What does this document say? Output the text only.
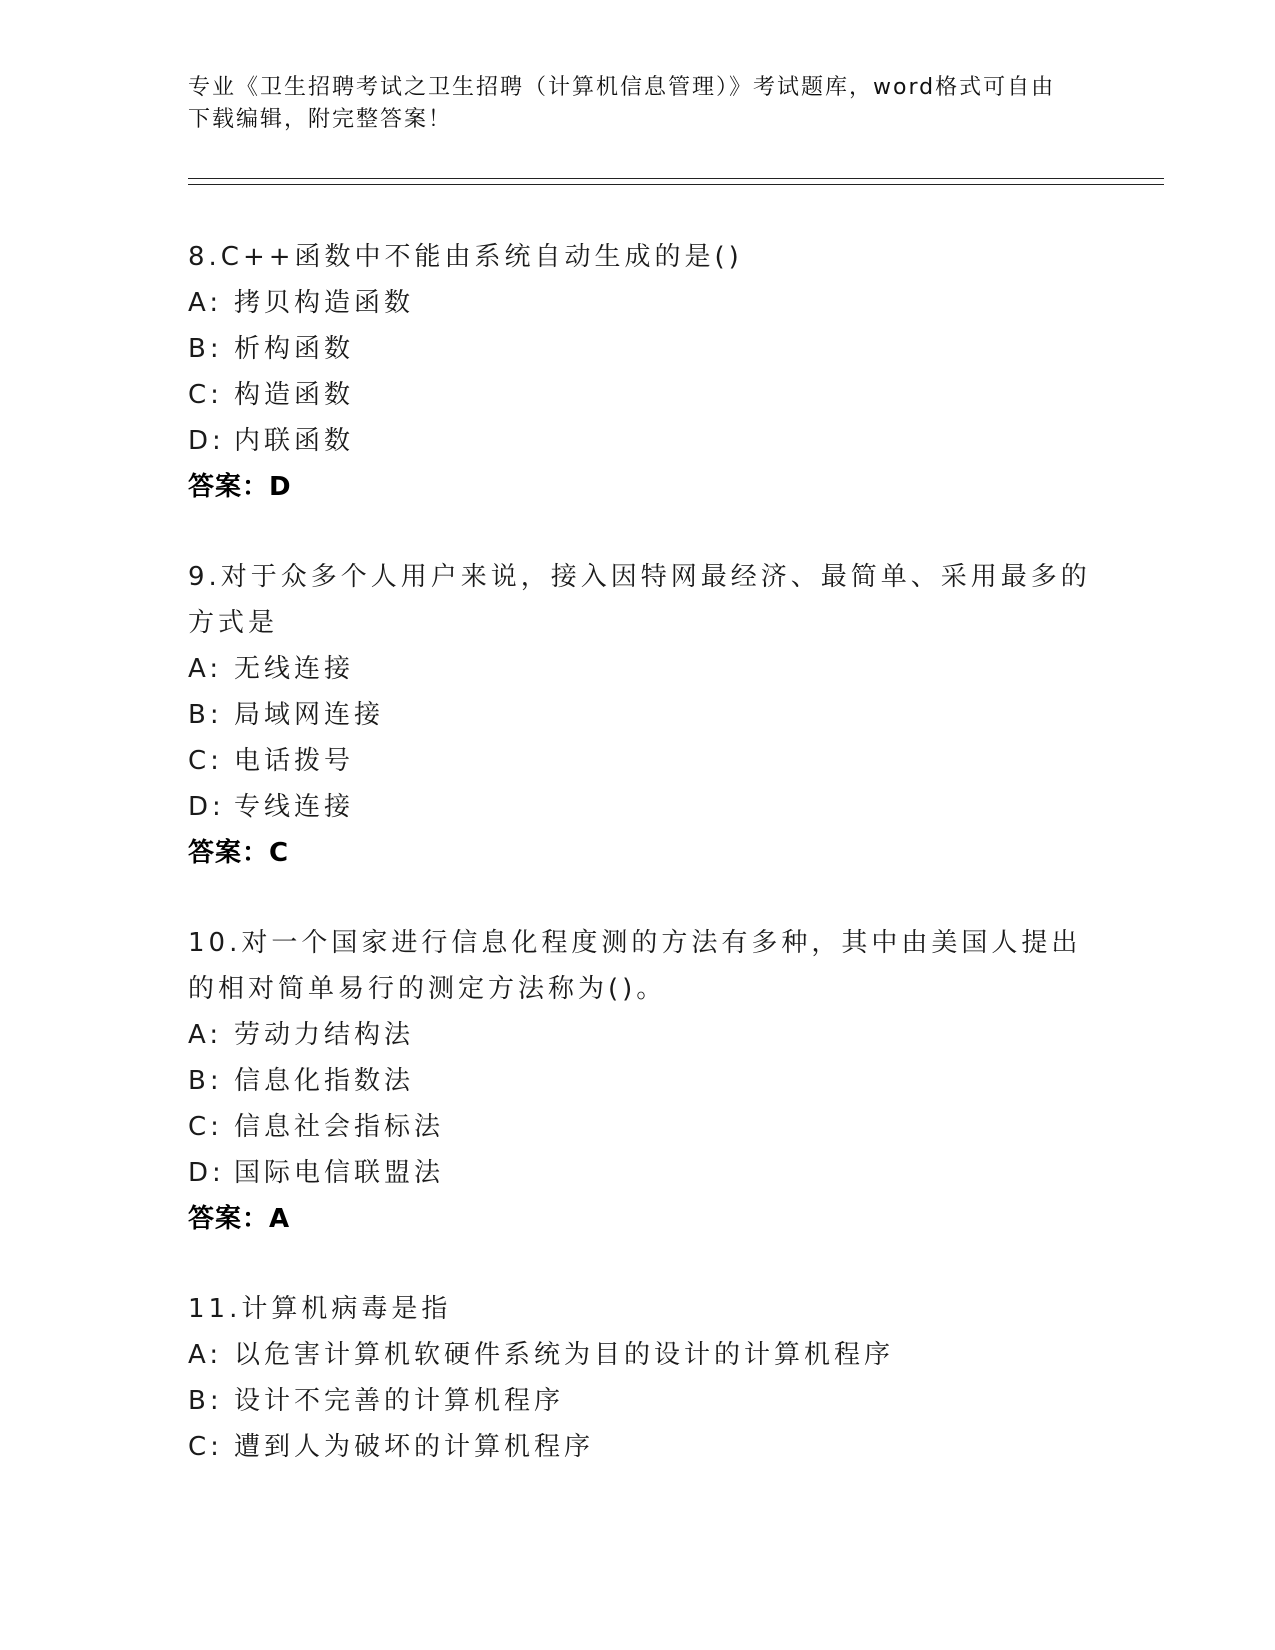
专业《卫生招聘考试之卫生招聘（计算机信息管理）》考试题库，word格式可自由下载编辑，附完整答案！
8.C++函数中不能由系统自动生成的是()
A: 拷贝构造函数
B: 析构函数
C: 构造函数
D: 内联函数
答案：D
9.对于众多个人用户来说，接入因特网最经济、最简单、采用最多的方式是
A: 无线连接
B: 局域网连接
C: 电话拨号
D: 专线连接
答案：C
10.对一个国家进行信息化程度测的方法有多种，其中由美国人提出的相对简单易行的测定方法称为()。
A: 劳动力结构法
B: 信息化指数法
C: 信息社会指标法
D: 国际电信联盟法
答案：A
11.计算机病毒是指
A: 以危害计算机软硬件系统为目的设计的计算机程序
B: 设计不完善的计算机程序
C: 遭到人为破坏的计算机程序
